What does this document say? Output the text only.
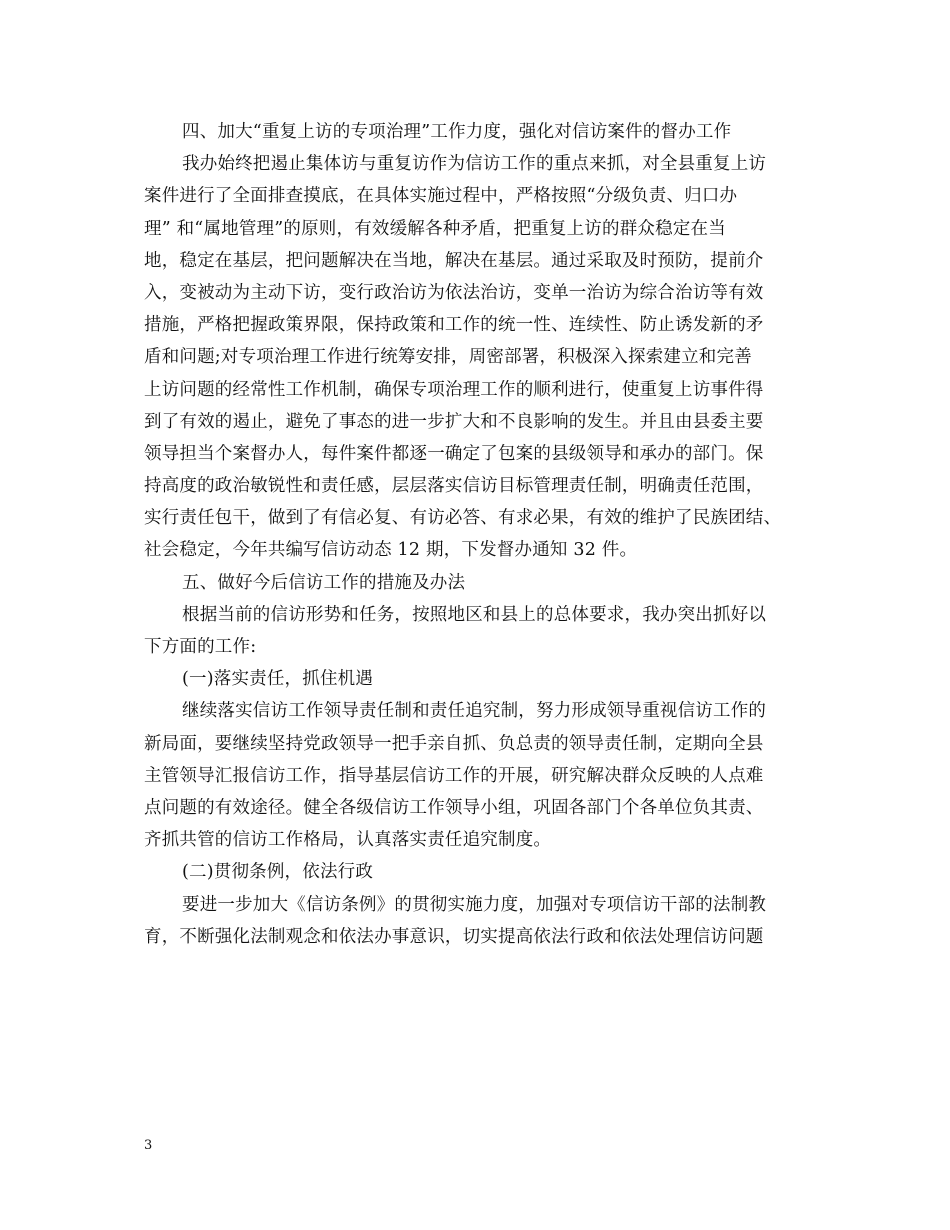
四、加大“重复上访的专项治理”工作力度，强化对信访案件的督办工作
我办始终把遏止集体访与重复访作为信访工作的重点来抓，对全县重复上访
案件进行了全面排查摸底，在具体实施过程中，严格按照“分级负责、归口办
理” 和“属地管理”的原则，有效缓解各种矛盾，把重复上访的群众稳定在当
地，稳定在基层，把问题解决在当地，解决在基层。通过采取及时预防，提前介
入，变被动为主动下访，变行政治访为依法治访，变单一治访为综合治访等有效
措施，严格把握政策界限，保持政策和工作的统一性、连续性、防止诱发新的矛
盾和问题;对专项治理工作进行统筹安排，周密部署，积极深入探索建立和完善
上访问题的经常性工作机制，确保专项治理工作的顺利进行，使重复上访事件得
到了有效的遏止，避免了事态的进一步扩大和不良影响的发生。并且由县委主要
领导担当个案督办人，每件案件都逐一确定了包案的县级领导和承办的部门。保
持高度的政治敏锐性和责任感，层层落实信访目标管理责任制，明确责任范围，
实行责任包干，做到了有信必复、有访必答、有求必果，有效的维护了民族团结、
社会稳定，今年共编写信访动态 12 期，下发督办通知 32 件。
五、做好今后信访工作的措施及办法
根据当前的信访形势和任务，按照地区和县上的总体要求，我办突出抓好以
下方面的工作:
(一)落实责任，抓住机遇
继续落实信访工作领导责任制和责任追究制，努力形成领导重视信访工作的
新局面，要继续坚持党政领导一把手亲自抓、负总责的领导责任制，定期向全县
主管领导汇报信访工作，指导基层信访工作的开展，研究解决群众反映的人点难
点问题的有效途径。健全各级信访工作领导小组，巩固各部门个各单位负其责、
齐抓共管的信访工作格局，认真落实责任追究制度。
(二)贯彻条例，依法行政
要进一步加大《信访条例》的贯彻实施力度，加强对专项信访干部的法制教
育，不断强化法制观念和依法办事意识，切实提高依法行政和依法处理信访问题
3
